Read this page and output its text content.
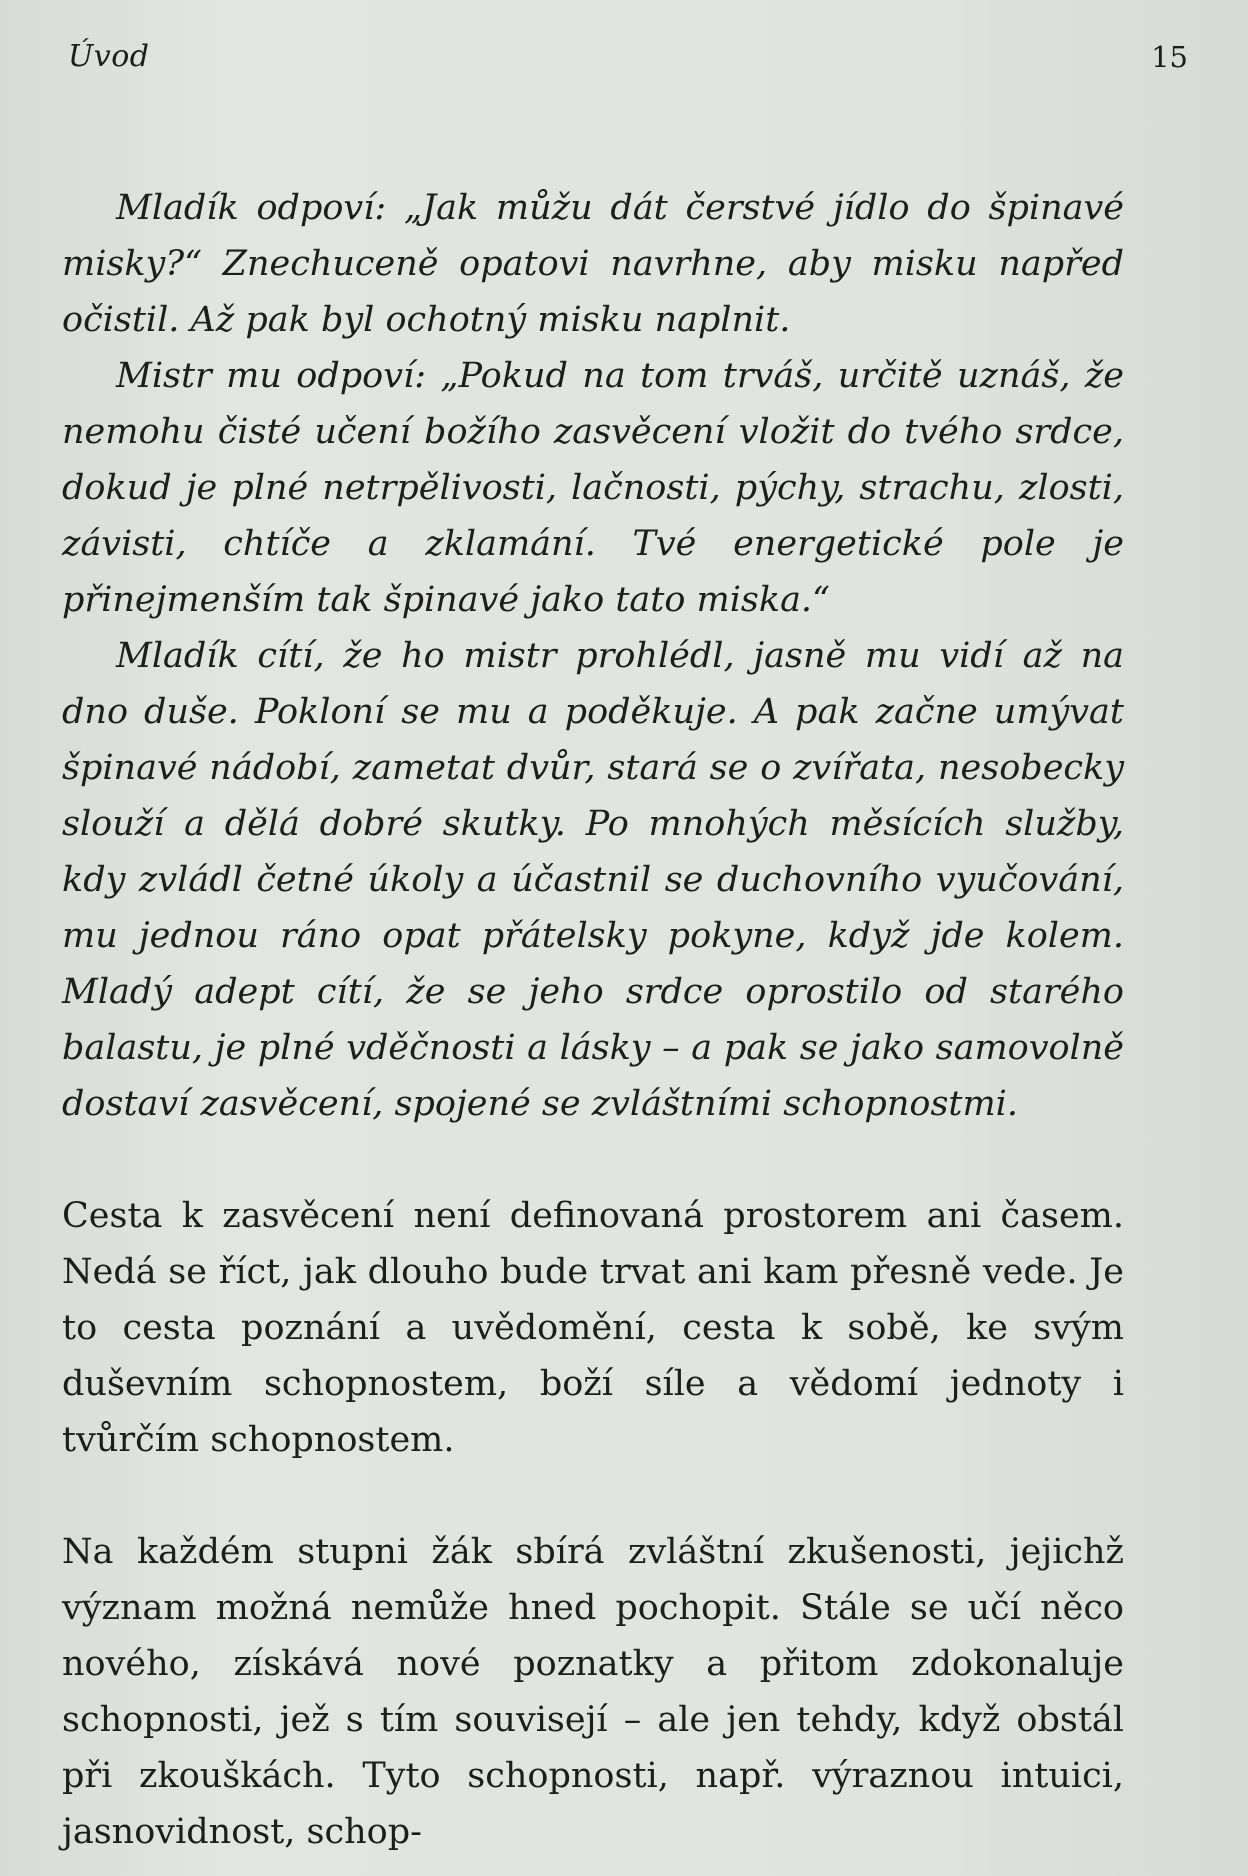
Úvod	15

Mladík odpoví: „Jak můžu dát čerstvé jídlo do špinavé misky?“ Znechuceně opatovi navrhne, aby misku napřed očistil. Až pak byl ochotný misku naplnit.

Mistr mu odpoví: „Pokud na tom trváš, určitě uznáš, že nemohu čisté učení božího zasvěcení vložit do tvého srdce, dokud je plné netrpělivosti, lačnosti, pýchy, strachu, zlosti, závisti, chtíče a zklamání. Tvé energetické pole je přinejmenším tak špinavé jako tato miska.“

Mladík cítí, že ho mistr prohlédl, jasně mu vidí až na dno duše. Pokloní se mu a poděkuje. A pak začne umývat špinavé nádobí, zametat dvůr, stará se o zvířata, nesobecky slouží a dělá dobré skutky. Po mnohých měsících služby, kdy zvládl četné úkoly a účastnil se duchovního vyučování, mu jednou ráno opat přátelsky pokyne, když jde kolem. Mladý adept cítí, že se jeho srdce oprostilo od starého balastu, je plné vděčnosti a lásky – a pak se jako samovolně dostaví zasvěcení, spojené se zvláštními schopnostmi.

Cesta k zasvěcení není definovaná prostorem ani časem. Nedá se říct, jak dlouho bude trvat ani kam přesně vede. Je to cesta poznání a uvědomění, cesta k sobě, ke svým duševním schopnostem, boží síle a vědomí jednoty i tvůrčím schopnostem.

Na každém stupni žák sbírá zvláštní zkušenosti, jejichž význam možná nemůže hned pochopit. Stále se učí něco nového, získává nové poznatky a přitom zdokonaluje schopnosti, jež s tím souvisejí – ale jen tehdy, když obstál při zkouškách. Tyto schopnosti, např. výraznou intuici, jasnovidnost, schop-
